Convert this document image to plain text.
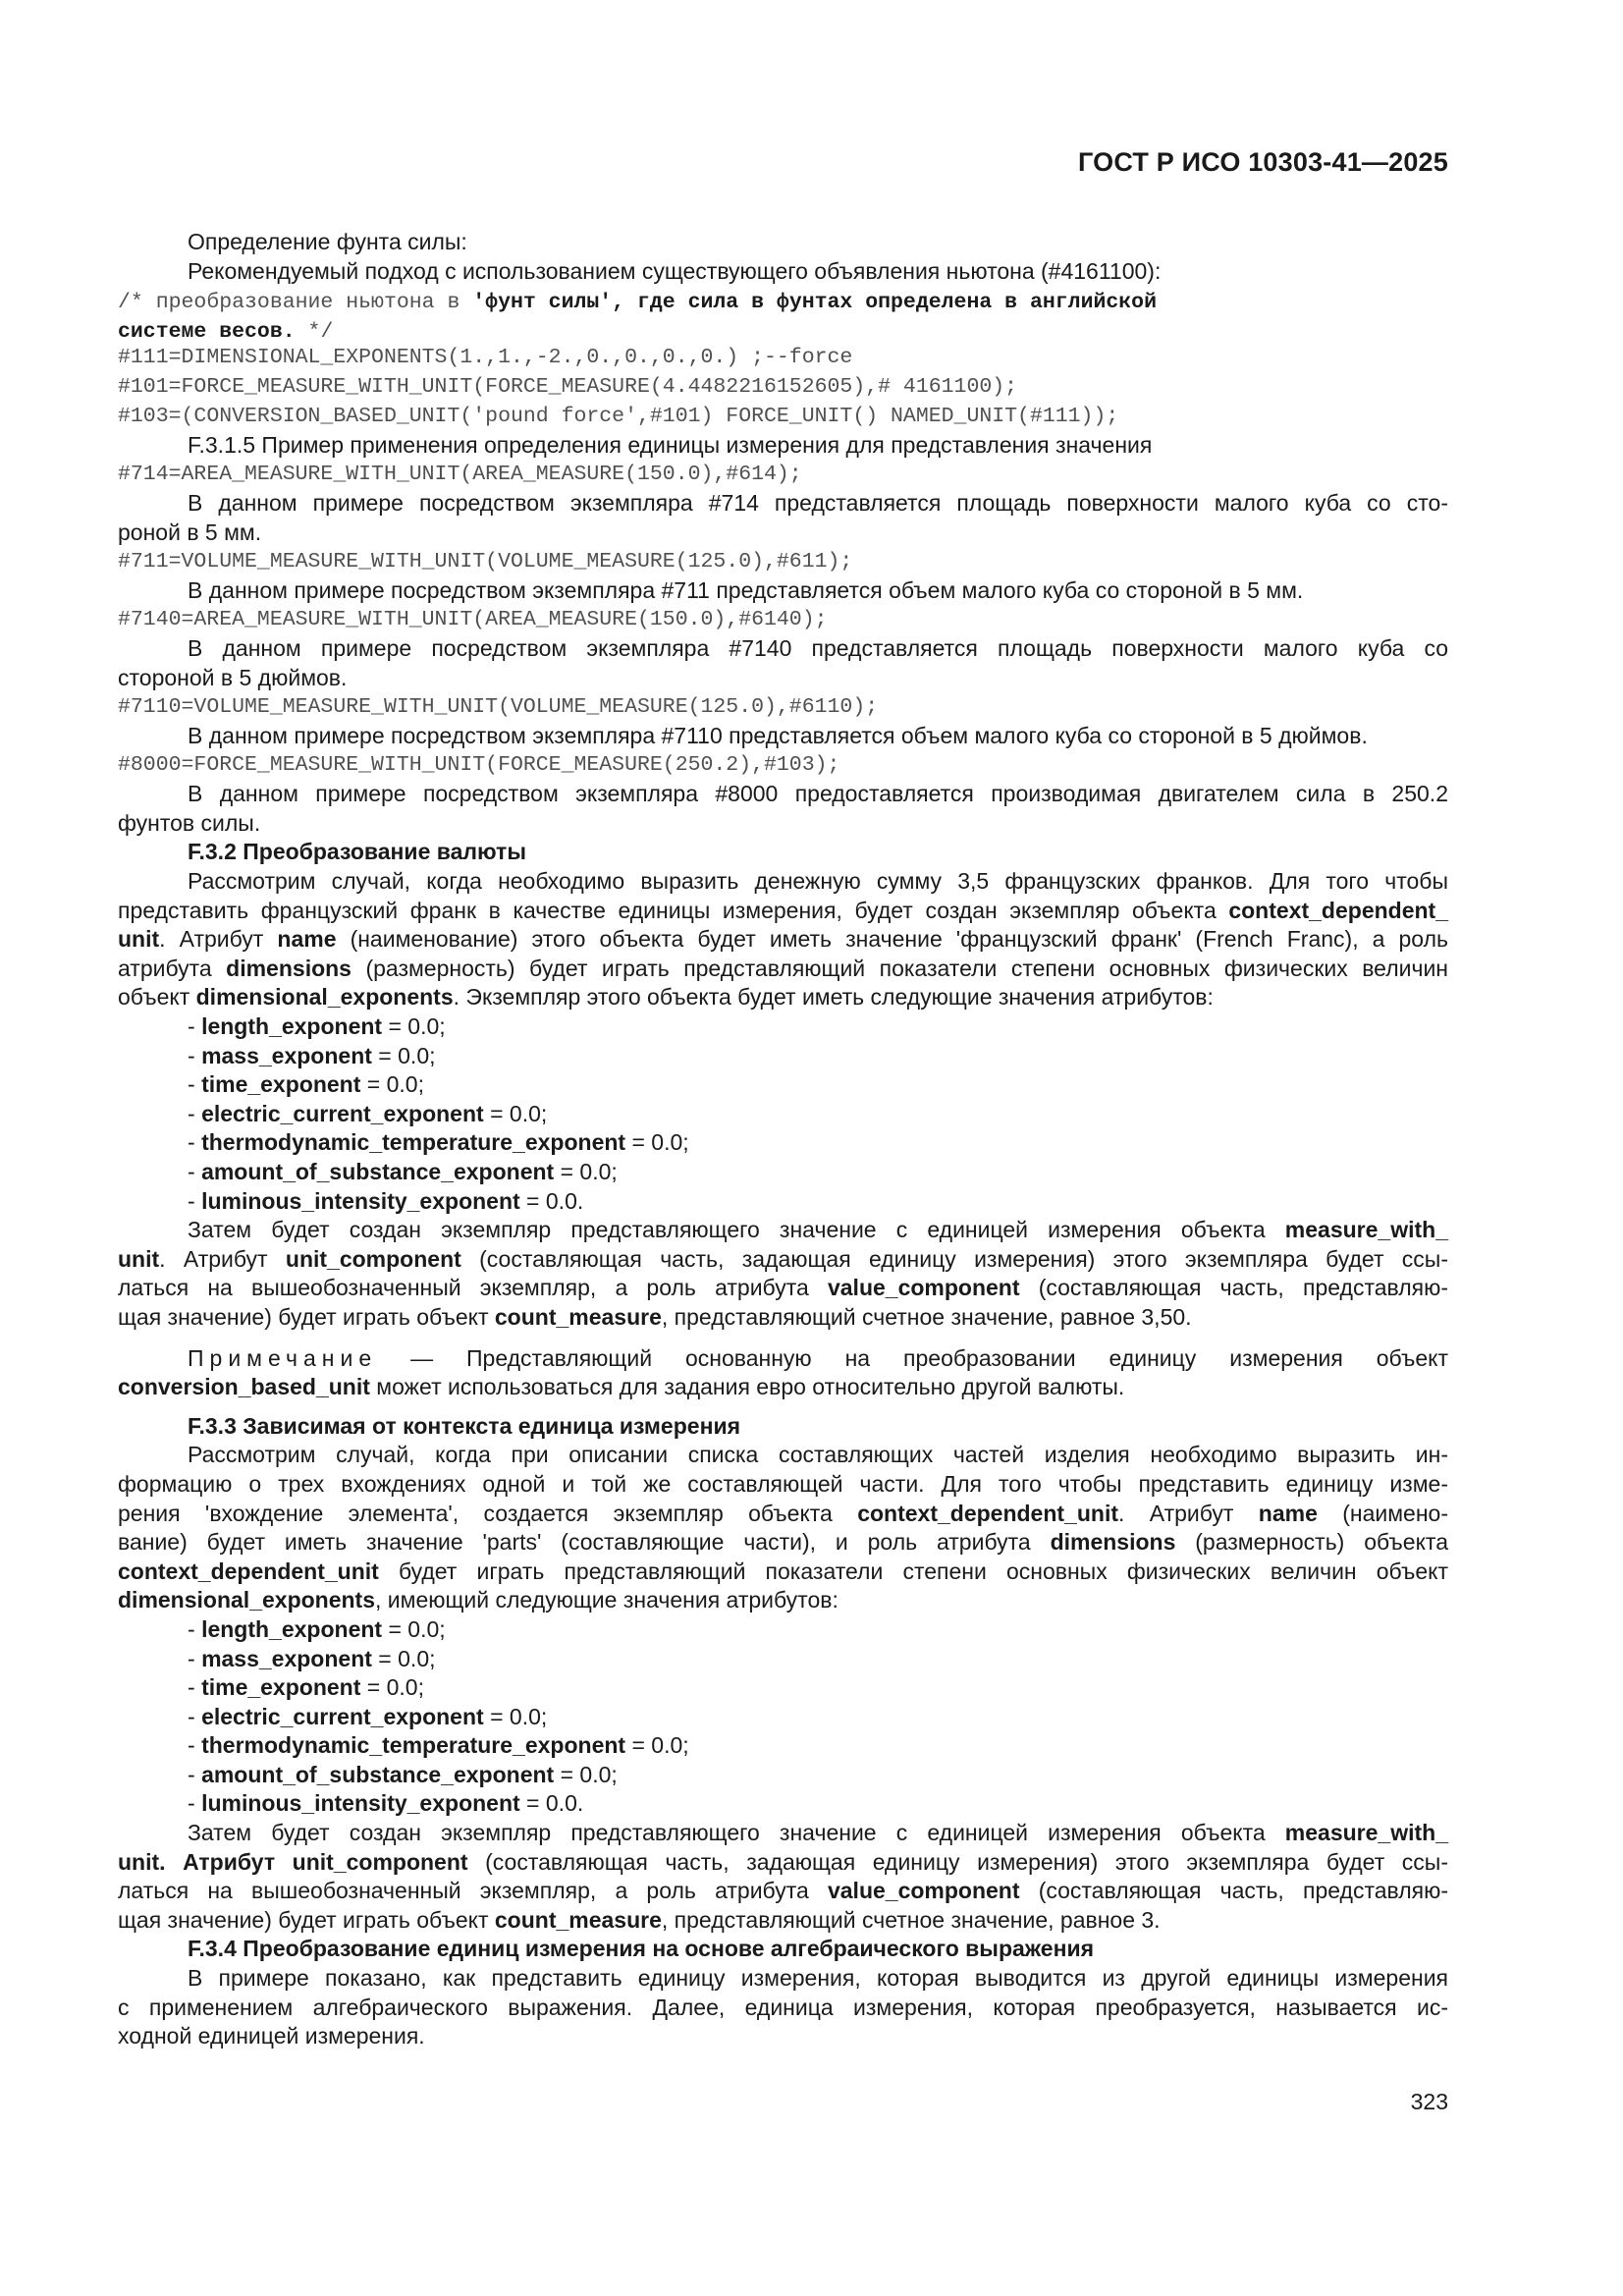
ГОСТ Р ИСО 10303-41—2025
Определение фунта силы:
Рекомендуемый подход с использованием существующего объявления ньютона (#4161100):
/* преобразование ньютона в 'фунт силы', где сила в фунтах определена в английской
системе весов. */
#111=DIMENSIONAL_EXPONENTS(1.,1.,-2.,0.,0.,0.,0.) ;--force
#101=FORCE_MEASURE_WITH_UNIT(FORCE_MEASURE(4.4482216152605),# 4161100);
#103=(CONVERSION_BASED_UNIT('pound force',#101) FORCE_UNIT() NAMED_UNIT(#111));
F.3.1.5 Пример применения определения единицы измерения для представления значения
#714=AREA_MEASURE_WITH_UNIT(AREA_MEASURE(150.0),#614);
В данном примере посредством экземпляра #714 представляется площадь поверхности малого куба со сто-
роной в 5 мм.
#711=VOLUME_MEASURE_WITH_UNIT(VOLUME_MEASURE(125.0),#611);
В данном примере посредством экземпляра #711 представляется объем малого куба со стороной в 5 мм.
#7140=AREA_MEASURE_WITH_UNIT(AREA_MEASURE(150.0),#6140);
В данном примере посредством экземпляра #7140 представляется площадь поверхности малого куба со
стороной в 5 дюймов.
#7110=VOLUME_MEASURE_WITH_UNIT(VOLUME_MEASURE(125.0),#6110);
В данном примере посредством экземпляра #7110 представляется объем малого куба со стороной в 5 дюймов.
#8000=FORCE_MEASURE_WITH_UNIT(FORCE_MEASURE(250.2),#103);
В данном примере посредством экземпляра #8000 предоставляется производимая двигателем сила в 250.2
фунтов силы.
F.3.2 Преобразование валюты
Рассмотрим случай, когда необходимо выразить денежную сумму 3,5 французских франков. Для того чтобы
представить французский франк в качестве единицы измерения, будет создан экземпляр объекта context_dependent_
unit. Атрибут name (наименование) этого объекта будет иметь значение 'французский франк' (French Franc), а роль
атрибута dimensions (размерность) будет играть представляющий показатели степени основных физических величин
объект dimensional_exponents. Экземпляр этого объекта будет иметь следующие значения атрибутов:
- length_exponent = 0.0;
- mass_exponent = 0.0;
- time_exponent = 0.0;
- electric_current_exponent = 0.0;
- thermodynamic_temperature_exponent = 0.0;
- amount_of_substance_exponent = 0.0;
- luminous_intensity_exponent = 0.0.
Затем будет создан экземпляр представляющего значение с единицей измерения объекта measure_with_
unit. Атрибут unit_component (составляющая часть, задающая единицу измерения) этого экземпляра будет ссы-
латься на вышеобозначенный экземпляр, а роль атрибута value_component (составляющая часть, представляю-
щая значение) будет играть объект count_measure, представляющий счетное значение, равное 3,50.
Примечание — Представляющий основанную на преобразовании единицу измерения объект
conversion_based_unit может использоваться для задания евро относительно другой валюты.
F.3.3 Зависимая от контекста единица измерения
Рассмотрим случай, когда при описании списка составляющих частей изделия необходимо выразить ин-
формацию о трех вхождениях одной и той же составляющей части. Для того чтобы представить единицу изме-
рения 'вхождение элемента', создается экземпляр объекта context_dependent_unit. Атрибут name (наимено-
вание) будет иметь значение 'parts' (составляющие части), и роль атрибута dimensions (размерность) объекта
context_dependent_unit будет играть представляющий показатели степени основных физических величин объект
dimensional_exponents, имеющий следующие значения атрибутов:
- length_exponent = 0.0;
- mass_exponent = 0.0;
- time_exponent = 0.0;
- electric_current_exponent = 0.0;
- thermodynamic_temperature_exponent = 0.0;
- amount_of_substance_exponent = 0.0;
- luminous_intensity_exponent = 0.0.
Затем будет создан экземпляр представляющего значение с единицей измерения объекта measure_with_
unit. Атрибут unit_component (составляющая часть, задающая единицу измерения) этого экземпляра будет ссы-
латься на вышеобозначенный экземпляр, а роль атрибута value_component (составляющая часть, представляю-
щая значение) будет играть объект count_measure, представляющий счетное значение, равное 3.
F.3.4 Преобразование единиц измерения на основе алгебраического выражения
В примере показано, как представить единицу измерения, которая выводится из другой единицы измерения
с применением алгебраического выражения. Далее, единица измерения, которая преобразуется, называется ис-
ходной единицей измерения.
323
